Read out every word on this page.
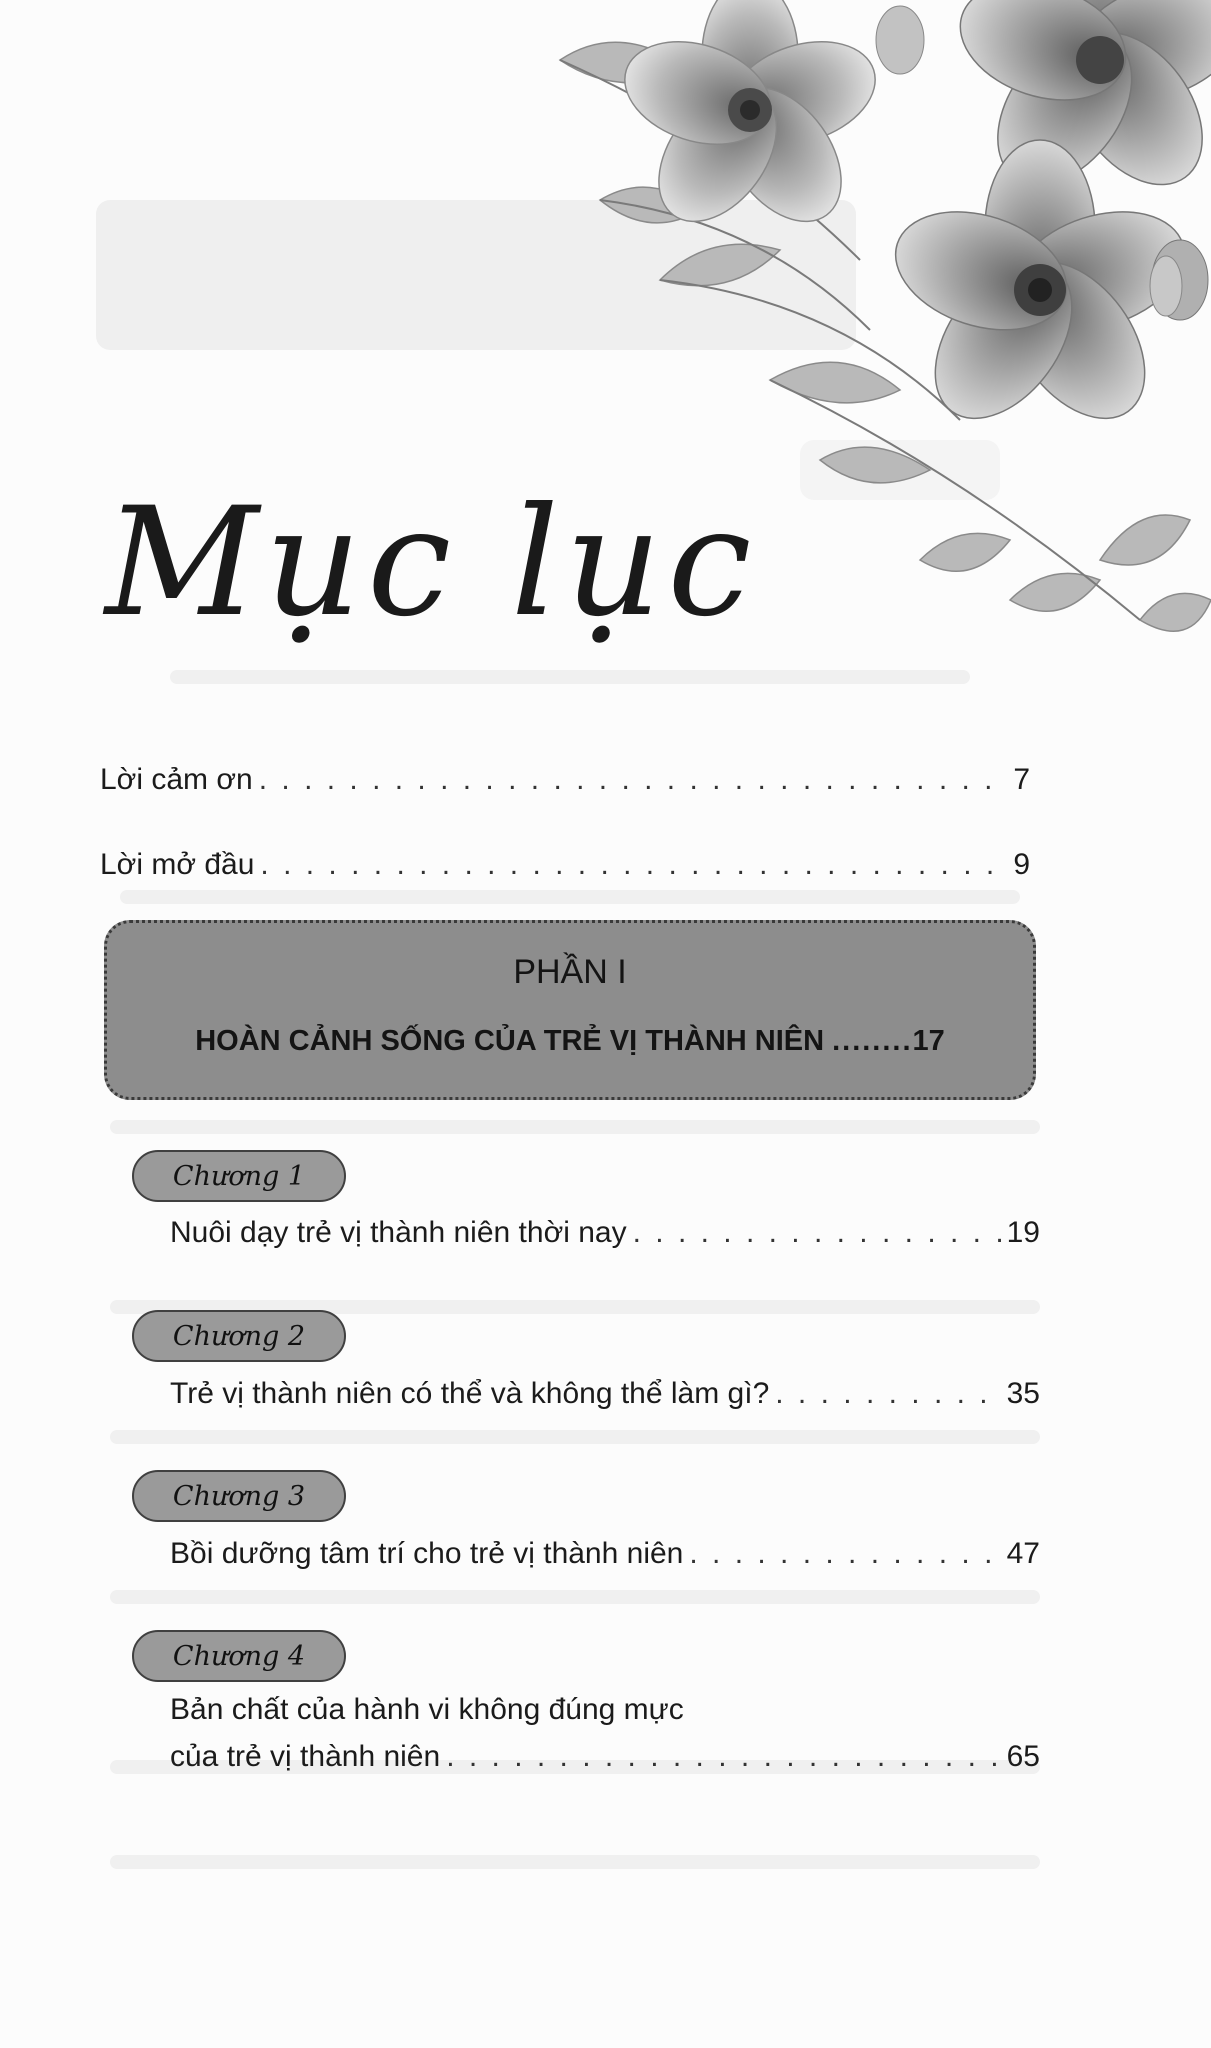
Mục lục
Lời cảm ơn . . .	7
Lời mở đầu . . .	9
PHẦN I
HOÀN CẢNH SỐNG CỦA TRẺ VỊ THÀNH NIÊN ........ 17
Chương 1
Nuôi dạy trẻ vị thành niên thời nay . . .	19
Chương 2
Trẻ vị thành niên có thể và không thể làm gì? . . .	35
Chương 3
Bồi dưỡng tâm trí cho trẻ vị thành niên . . .	47
Chương 4
Bản chất của hành vi không đúng mực
của trẻ vị thành niên . . .	65
